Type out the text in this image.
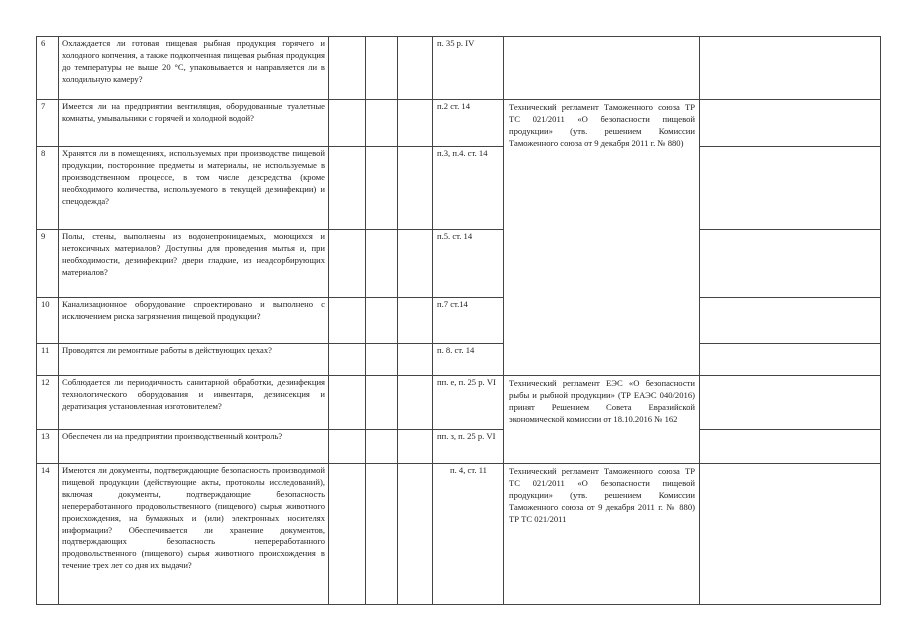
6	Охлаждается ли готовая пищевая рыбная продукция горячего и холодного копчения, а также подкопченная пищевая рыбная продукция до температуры не выше 20 °С, упаковывается и направляется ли в холодильную камеру?				п. 35 р. IV		
7	Имеется ли на предприятии вентиляция, оборудованные туалетные комнаты, умывальники с горячей и холодной водой?				п.2 ст. 14	Технический регламент Таможенного союза ТР ТС 021/2011 «О безопасности пищевой продукции» (утв. решением Комиссии Таможенного союза от 9 декабря 2011 г. № 880)	
8	Хранятся ли в помещениях, используемых при производстве пищевой продукции, посторонние предметы и материалы, не используемые в производственном процессе, в том числе дезсредства (кроме необходимого количества, используемого в текущей дезинфекции) и спецодежда?				п.3, п.4. ст. 14		
9	Полы, стены, выполнены из водонепроницаемых, моющихся и нетоксичных материалов? Доступны для проведения мытья и, при необходимости, дезинфекции? двери гладкие, из неадсорбирующих материалов?				п.5. ст. 14		
10	Канализационное оборудование спроектировано и выполнено с исключением риска загрязнения пищевой продукции?				п.7 ст.14		
11	Проводятся ли ремонтные работы в действующих цехах?				п. 8. ст. 14		
12	Соблюдается ли периодичность санитарной обработки, дезинфекция технологического оборудования и инвентаря, дезинсекция и дератизация установленная изготовителем?				пп. е, п. 25 р. VI	Технический регламент ЕЭС «О безопасности рыбы и рыбной продукции» (ТР ЕАЭС 040/2016) принят Решением Совета Евразийской экономической комиссии от 18.10.2016 № 162	
13	Обеспечен ли на предприятии производственный контроль?				пп. з, п. 25 р. VI		
14	Имеются ли документы, подтверждающие безопасность производимой пищевой продукции (действующие акты, протоколы исследований), включая документы, подтверждающие безопасность непереработанного продовольственного (пищевого) сырья животного происхождения, на бумажных и (или) электронных носителях информации? Обеспечивается ли хранение документов, подтверждающих безопасность непереработанного продовольственного (пищевого) сырья животного происхождения в течение трех лет со дня их выдачи?				п. 4, ст. 11	Технический регламент Таможенного союза ТР ТС 021/2011 «О безопасности пищевой продукции» (утв. решением Комиссии Таможенного союза от 9 декабря 2011 г. № 880) ТР ТС 021/2011	
